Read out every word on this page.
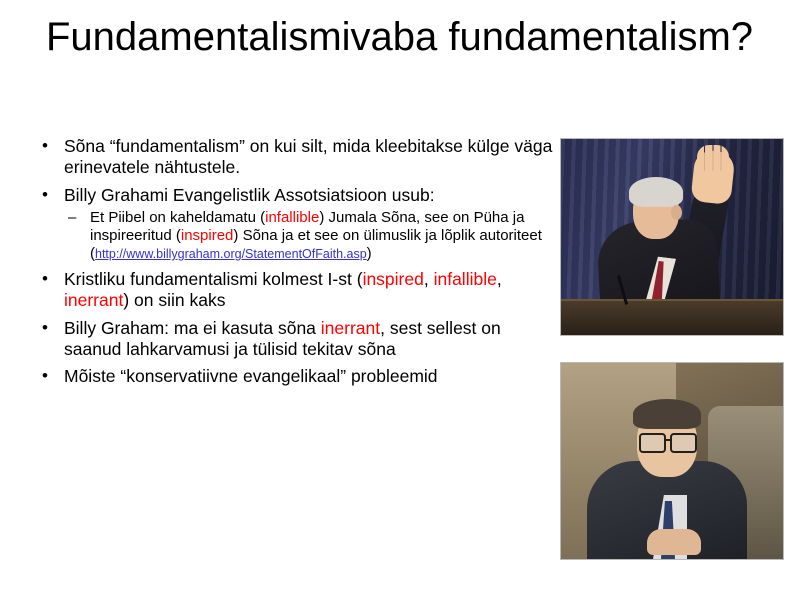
Fundamentalismivaba fundamentalism?
• Sõna “fundamentalism” on kui silt, mida kleebitakse külge väga erinevatele nähtustele.
• Billy Grahami Evangelistlik Assotsiatsioon usub:
– Et Piibel on kaheldamatu (infallible) Jumala Sõna, see on Püha ja inspireeritud (inspired) Sõna ja et see on ülimuslik ja lõplik autoriteet (http://www.billygraham.org/StatementOfFaith.asp)
• Kristliku fundamentalismi kolmest I-st (inspired, infallible, inerrant) on siin kaks
• Billy Graham: ma ei kasuta sõna inerrant, sest sellest on saanud lahkarvamusi ja tülisid tekitav sõna
• Mõiste “konservatiivne evangelikaal” probleemid
